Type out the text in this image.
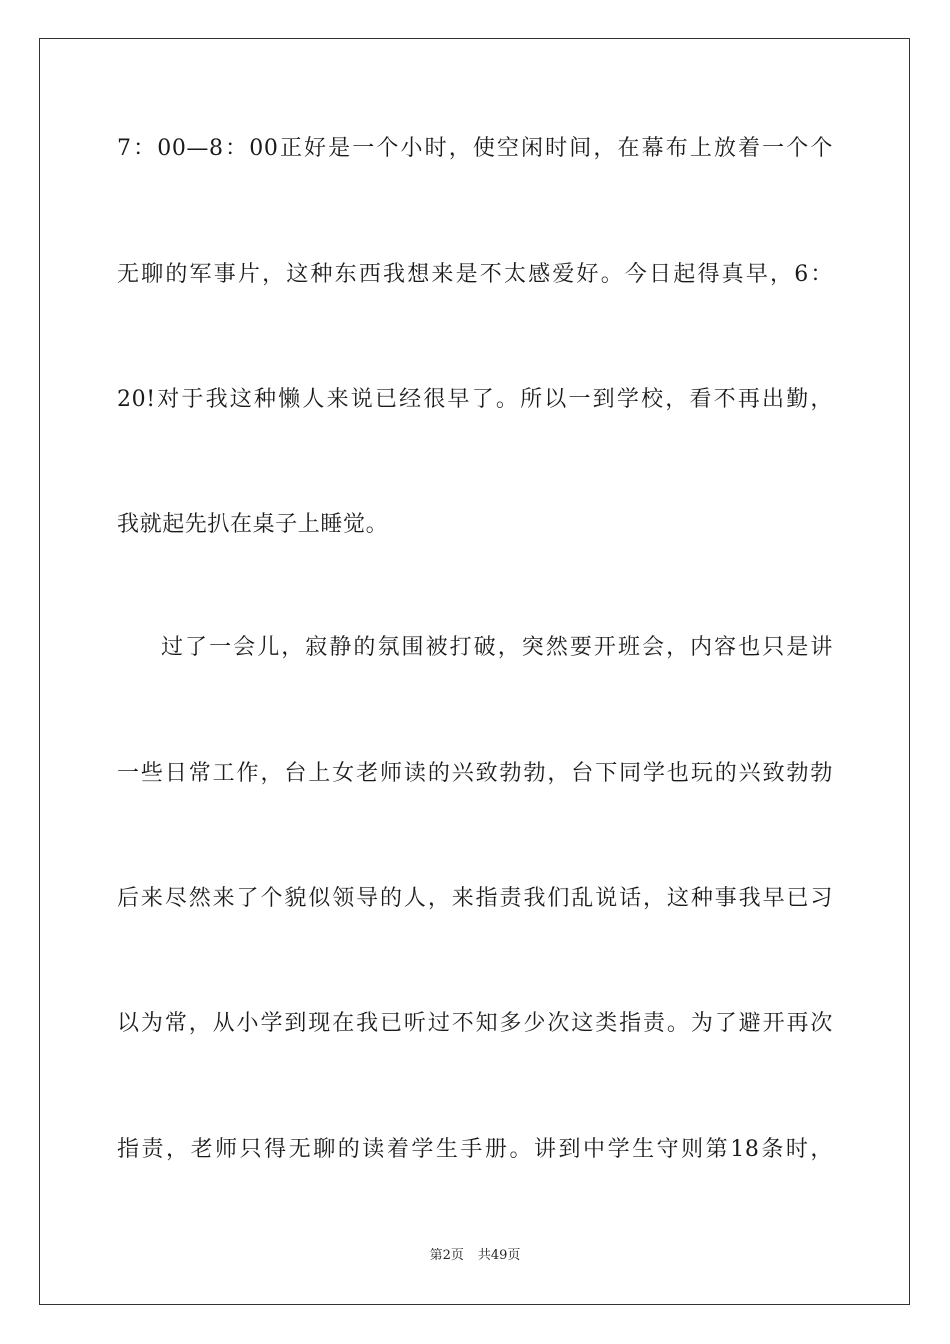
7：00—8：00正好是一个小时，使空闲时间，在幕布上放着一个个
无聊的军事片，这种东西我想来是不太感爱好。今日起得真早，6：
20!对于我这种懒人来说已经很早了。所以一到学校，看不再出勤，
我就起先扒在桌子上睡觉。
过了一会儿，寂静的氛围被打破，突然要开班会，内容也只是讲
一些日常工作，台上女老师读的兴致勃勃，台下同学也玩的兴致勃勃
后来尽然来了个貌似领导的人，来指责我们乱说话，这种事我早已习
以为常，从小学到现在我已听过不知多少次这类指责。为了避开再次
指责，老师只得无聊的读着学生手册。讲到中学生守则第18条时，
第2页 共49页
